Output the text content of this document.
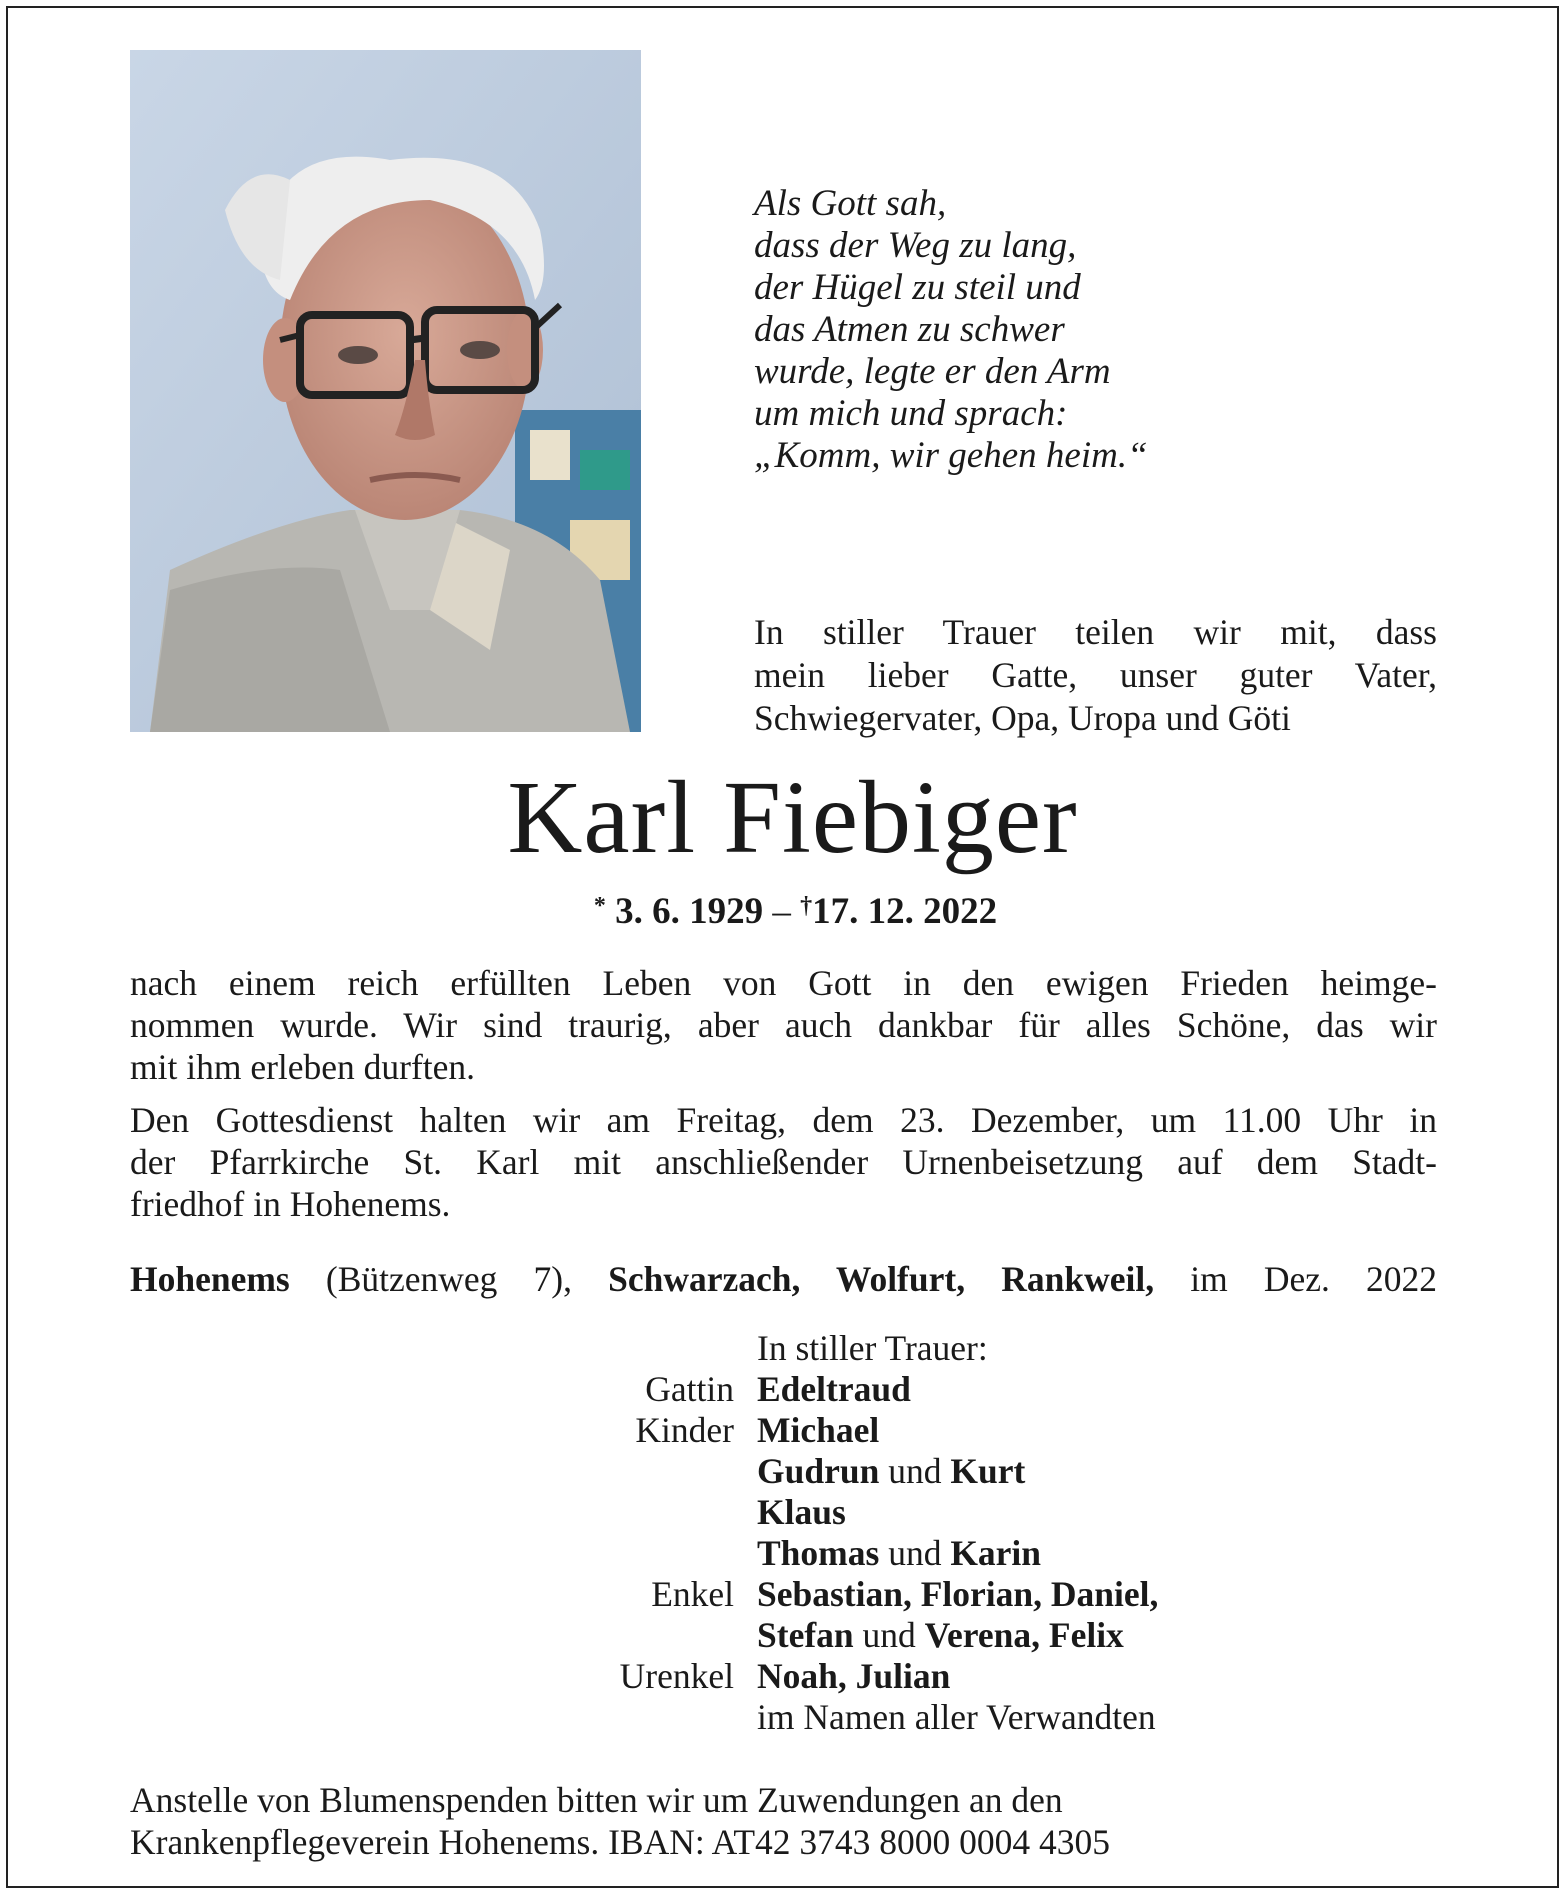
Als Gott sah,
dass der Weg zu lang,
der Hügel zu steil und
das Atmen zu schwer
wurde, legte er den Arm
um mich und sprach:
„Komm, wir gehen heim.“
In stiller Trauer teilen wir mit, dass
mein lieber Gatte, unser guter Vater,
Schwiegervater, Opa, Uropa und Göti
Karl Fiebiger
* 3. 6. 1929 – †17. 12. 2022
nach einem reich erfüllten Leben von Gott in den ewigen Frieden heimge-
nommen wurde. Wir sind traurig, aber auch dankbar für alles Schöne, das wir
mit ihm erleben durften.
Den Gottesdienst halten wir am Freitag, dem 23. Dezember, um 11.00 Uhr in
der Pfarrkirche St. Karl mit anschließender Urnenbeisetzung auf dem Stadt-
friedhof in Hohenems.
Hohenems (Bützenweg 7), Schwarzach, Wolfurt, Rankweil, im Dez. 2022
In stiller Trauer:
Gattin Edeltraud
Kinder Michael
Gudrun und Kurt
Klaus
Thomas und Karin
Enkel Sebastian, Florian, Daniel,
Stefan und Verena, Felix
Urenkel Noah, Julian
im Namen aller Verwandten
Anstelle von Blumenspenden bitten wir um Zuwendungen an den
Krankenpflegeverein Hohenems. IBAN: AT42 3743 8000 0004 4305
